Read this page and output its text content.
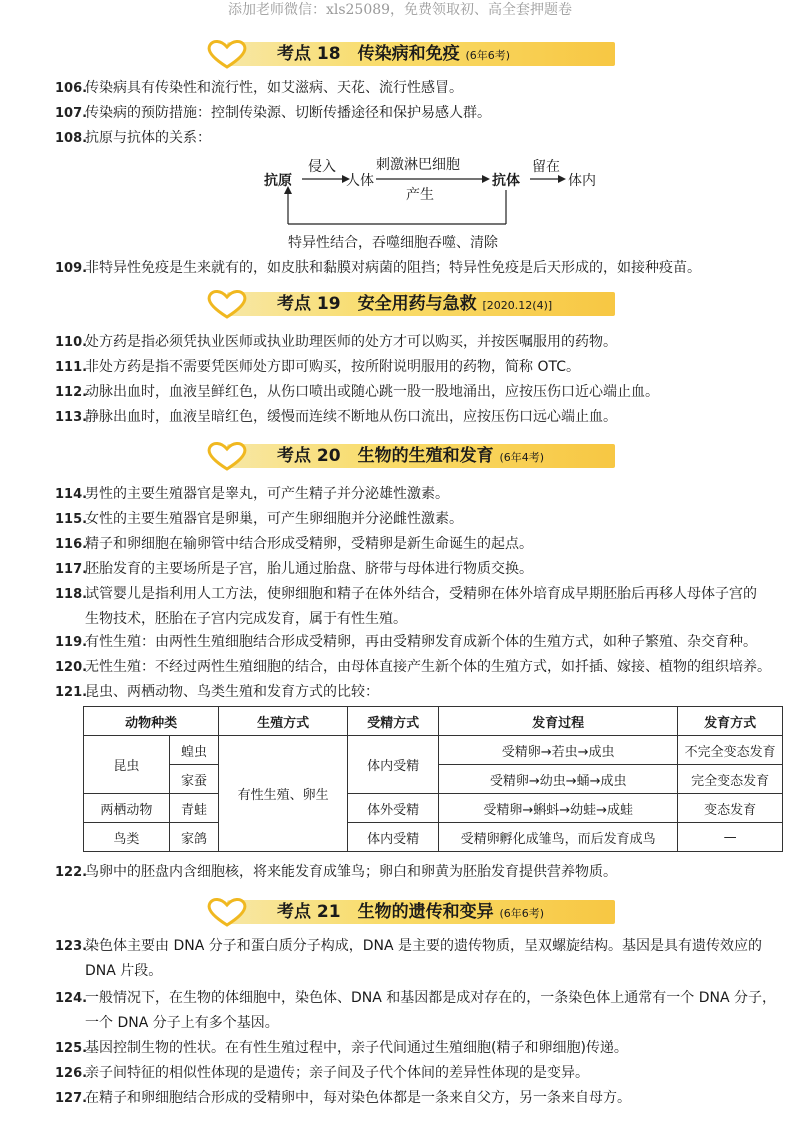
添加老师微信：xls25089，免费领取初、高全套押题卷
考点 18　传染病和免疫 (6年6考)
106.传染病具有传染性和流行性，如艾滋病、天花、流行性感冒。
107.传染病的预防措施：控制传染源、切断传播途径和保护易感人群。
108.抗原与抗体的关系：
抗原
侵入
人体
刺激淋巴细胞
产生
抗体
留在
体内
特异性结合，吞噬细胞吞噬、清除
109.非特异性免疫是生来就有的，如皮肤和黏膜对病菌的阻挡；特异性免疫是后天形成的，如接种疫苗。
考点 19　安全用药与急救 [2020.12(4)]
110.处方药是指必须凭执业医师或执业助理医师的处方才可以购买，并按医嘱服用的药物。
111.非处方药是指不需要凭医师处方即可购买，按所附说明服用的药物，简称 OTC。
112.动脉出血时，血液呈鲜红色，从伤口喷出或随心跳一股一股地涌出，应按压伤口近心端止血。
113.静脉出血时，血液呈暗红色，缓慢而连续不断地从伤口流出，应按压伤口远心端止血。
考点 20　生物的生殖和发育 (6年4考)
114.男性的主要生殖器官是睾丸，可产生精子并分泌雄性激素。
115.女性的主要生殖器官是卵巢，可产生卵细胞并分泌雌性激素。
116.精子和卵细胞在输卵管中结合形成受精卵，受精卵是新生命诞生的起点。
117.胚胎发育的主要场所是子宫，胎儿通过胎盘、脐带与母体进行物质交换。
118.试管婴儿是指利用人工方法，使卵细胞和精子在体外结合，受精卵在体外培育成早期胚胎后再移人母体子宫的
生物技术，胚胎在子宫内完成发育，属于有性生殖。
119.有性生殖：由两性生殖细胞结合形成受精卵，再由受精卵发育成新个体的生殖方式，如种子繁殖、杂交育种。
120.无性生殖：不经过两性生殖细胞的结合，由母体直接产生新个体的生殖方式，如扦插、嫁接、植物的组织培养。
121.昆虫、两栖动物、鸟类生殖和发育方式的比较：
动物种类		生殖方式	受精方式	发育过程	发育方式
昆虫	蝗虫	有性生殖、卵生	体内受精	受精卵→若虫→成虫	不完全变态发育
	家蚕			受精卵→幼虫→蛹→成虫	完全变态发育
两栖动物	青蛙		体外受精	受精卵→蝌蚪→幼蛙→成蛙	变态发育
鸟类	家鸽		体内受精	受精卵孵化成雏鸟，而后发育成鸟	—
122.鸟卵中的胚盘内含细胞核，将来能发育成雏鸟；卵白和卵黄为胚胎发育提供营养物质。
考点 21　生物的遗传和变异 (6年6考)
123.染色体主要由 DNA 分子和蛋白质分子构成，DNA 是主要的遗传物质，呈双螺旋结构。基因是具有遗传效应的
DNA 片段。
124.一般情况下，在生物的体细胞中，染色体、DNA 和基因都是成对存在的，一条染色体上通常有一个 DNA 分子，
一个 DNA 分子上有多个基因。
125.基因控制生物的性状。在有性生殖过程中，亲子代间通过生殖细胞(精子和卵细胞)传递。
126.亲子间特征的相似性体现的是遗传；亲子间及子代个体间的差异性体现的是变异。
127.在精子和卵细胞结合形成的受精卵中，每对染色体都是一条来自父方，另一条来自母方。
